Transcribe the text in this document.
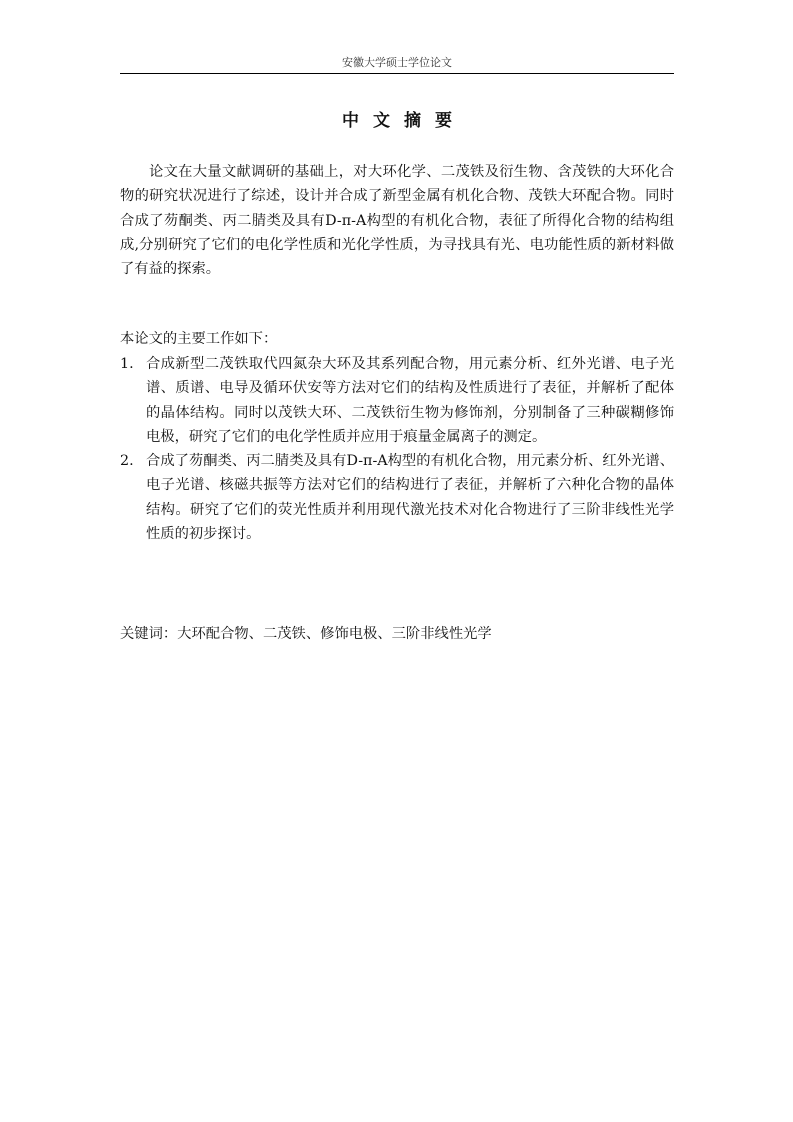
安徽大学硕士学位论文
中文摘要

论文在大量文献调研的基础上，对大环化学、二茂铁及衍生物、含茂铁的大环化合物的研究状况进行了综述，设计并合成了新型金属有机化合物、茂铁大环配合物。同时合成了芴酮类、丙二腈类及具有D-π-A构型的有机化合物，表征了所得化合物的结构组成,分别研究了它们的电化学性质和光化学性质，为寻找具有光、电功能性质的新材料做了有益的探索。

本论文的主要工作如下：

1. 合成新型二茂铁取代四氮杂大环及其系列配合物，用元素分析、红外光谱、电子光谱、质谱、电导及循环伏安等方法对它们的结构及性质进行了表征，并解析了配体的晶体结构。同时以茂铁大环、二茂铁衍生物为修饰剂，分别制备了三种碳糊修饰电极，研究了它们的电化学性质并应用于痕量金属离子的测定。
2. 合成了芴酮类、丙二腈类及具有D-π-A构型的有机化合物，用元素分析、红外光谱、电子光谱、核磁共振等方法对它们的结构进行了表征，并解析了六种化合物的晶体结构。研究了它们的荧光性质并利用现代激光技术对化合物进行了三阶非线性光学性质的初步探讨。

关键词：大环配合物、二茂铁、修饰电极、三阶非线性光学
